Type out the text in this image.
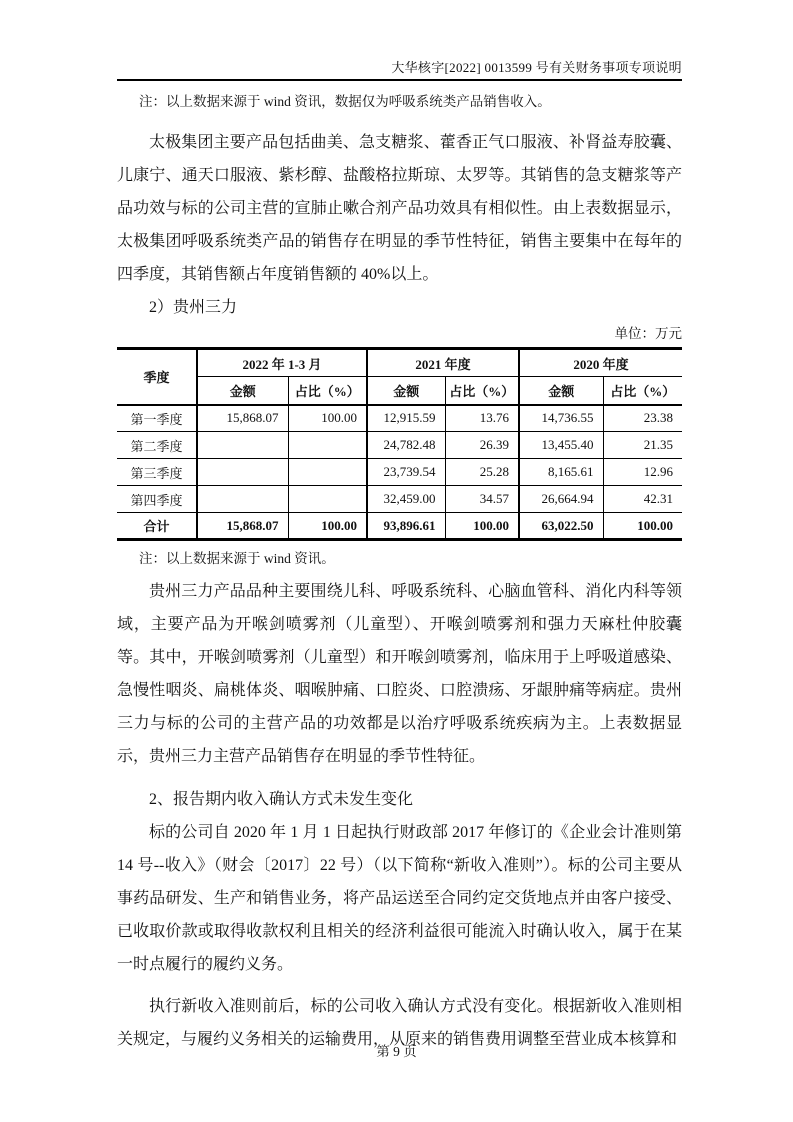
大华核字[2022] 0013599 号有关财务事项专项说明

注：以上数据来源于 wind 资讯，数据仅为呼吸系统类产品销售收入。

太极集团主要产品包括曲美、急支糖浆、藿香正气口服液、补肾益寿胶囊、儿康宁、通天口服液、紫杉醇、盐酸格拉斯琼、太罗等。其销售的急支糖浆等产品功效与标的公司主营的宣肺止嗽合剂产品功效具有相似性。由上表数据显示，太极集团呼吸系统类产品的销售存在明显的季节性特征，销售主要集中在每年的四季度，其销售额占年度销售额的 40%以上。

2）贵州三力

单位：万元
季度	2022 年 1-3 月		2021 年度		2020 年度	
	金额	占比（%）	金额	占比（%）	金额	占比（%）
第一季度	15,868.07	100.00	12,915.59	13.76	14,736.55	23.38
第二季度			24,782.48	26.39	13,455.40	21.35
第三季度			23,739.54	25.28	8,165.61	12.96
第四季度			32,459.00	34.57	26,664.94	42.31
合计	15,868.07	100.00	93,896.61	100.00	63,022.50	100.00

注：以上数据来源于 wind 资讯。

贵州三力产品品种主要围绕儿科、呼吸系统科、心脑血管科、消化内科等领域，主要产品为开喉剑喷雾剂（儿童型）、开喉剑喷雾剂和强力天麻杜仲胶囊等。其中，开喉剑喷雾剂（儿童型）和开喉剑喷雾剂，临床用于上呼吸道感染、急慢性咽炎、扁桃体炎、咽喉肿痛、口腔炎、口腔溃疡、牙龈肿痛等病症。贵州三力与标的公司的主营产品的功效都是以治疗呼吸系统疾病为主。上表数据显示，贵州三力主营产品销售存在明显的季节性特征。

2、报告期内收入确认方式未发生变化

标的公司自 2020 年 1 月 1 日起执行财政部 2017 年修订的《企业会计准则第 14 号--收入》（财会〔2017〕22 号）（以下简称“新收入准则”）。标的公司主要从事药品研发、生产和销售业务，将产品运送至合同约定交货地点并由客户接受、已收取价款或取得收款权利且相关的经济利益很可能流入时确认收入，属于在某一时点履行的履约义务。

执行新收入准则前后，标的公司收入确认方式没有变化。根据新收入准则相关规定，与履约义务相关的运输费用，从原来的销售费用调整至营业成本核算和

第 9 页
